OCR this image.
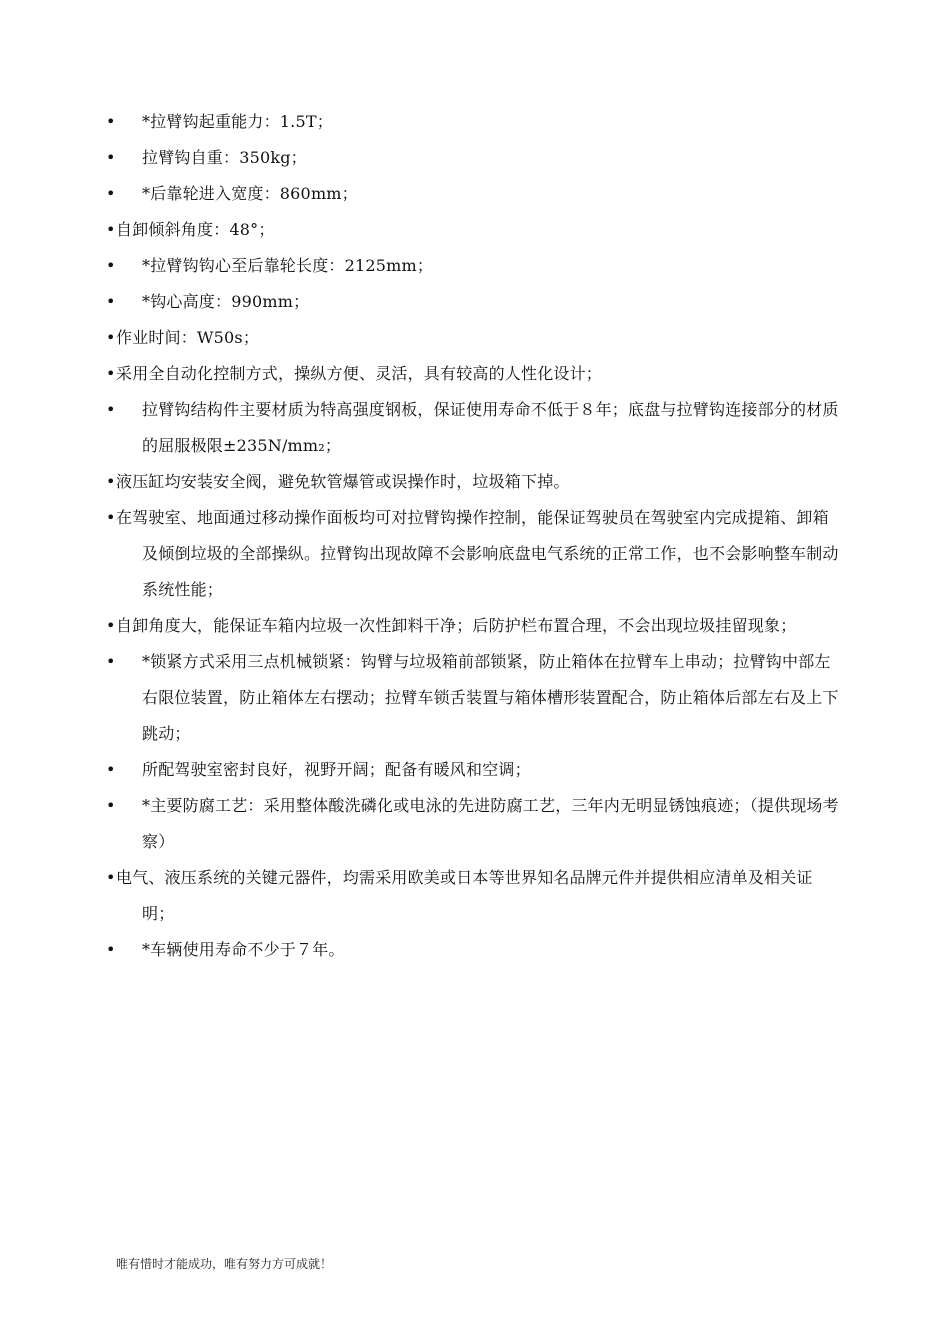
• *拉臂钩起重能力：1.5T；
• 拉臂钩自重：350kg；
• *后靠轮进入宽度：860mm；
• 自卸倾斜角度：48°；
• *拉臂钩钩心至后靠轮长度：2125mm；
• *钩心高度：990mm；
• 作业时间：W50s；
• 采用全自动化控制方式，操纵方便、灵活，具有较高的人性化设计；
• 拉臂钩结构件主要材质为特高强度钢板，保证使用寿命不低于８年；底盘与拉臂钩连接部分的材质的屈服极限±235N/mm₂；
• 液压缸均安装安全阀，避免软管爆管或误操作时，垃圾箱下掉。
• 在驾驶室、地面通过移动操作面板均可对拉臂钩操作控制，能保证驾驶员在驾驶室内完成提箱、卸箱及倾倒垃圾的全部操纵。拉臂钩出现故障不会影响底盘电气系统的正常工作，也不会影响整车制动系统性能；
• 自卸角度大，能保证车箱内垃圾一次性卸料干净；后防护栏布置合理，不会出现垃圾挂留现象；
• *锁紧方式采用三点机械锁紧：钩臂与垃圾箱前部锁紧，防止箱体在拉臂车上串动；拉臂钩中部左右限位装置，防止箱体左右摆动；拉臂车锁舌装置与箱体槽形装置配合，防止箱体后部左右及上下跳动；
• 所配驾驶室密封良好，视野开阔；配备有暖风和空调；
• *主要防腐工艺：采用整体酸洗磷化或电泳的先进防腐工艺，三年内无明显锈蚀痕迹；（提供现场考察）
• 电气、液压系统的关键元器件，均需采用欧美或日本等世界知名品牌元件并提供相应清单及相关证明；
• *车辆使用寿命不少于７年。
唯有惜时才能成功，唯有努力方可成就！
